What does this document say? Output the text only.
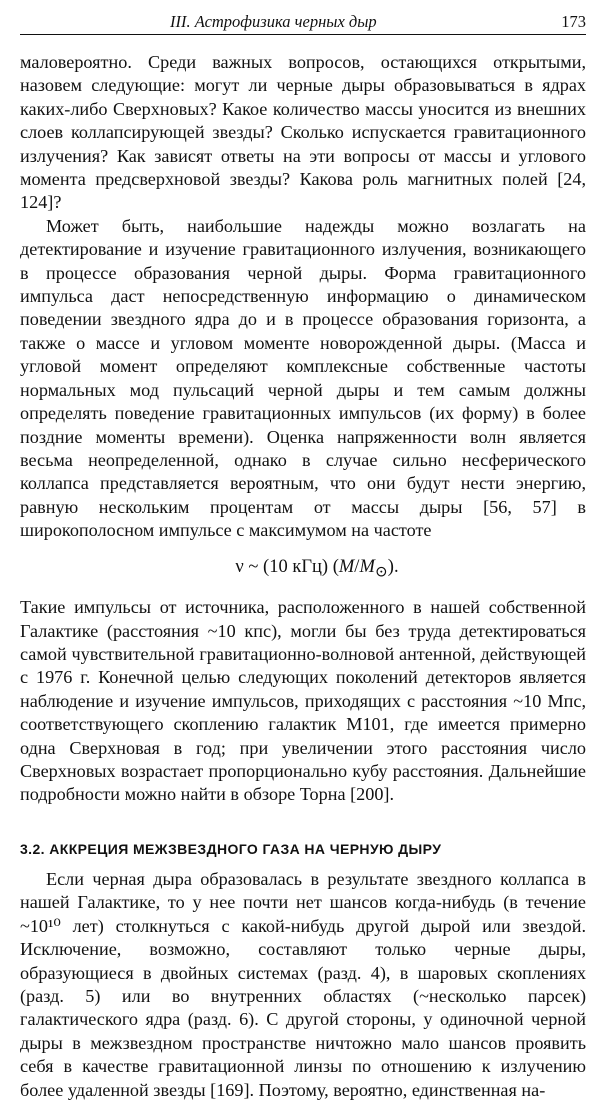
III. Астрофизика черных дыр	173

маловероятно. Среди важных вопросов, остающихся открытыми, назовем следующие: могут ли черные дыры образовываться в ядрах каких-либо Сверхновых? Какое количество массы уносится из внешних слоев коллапсирующей звезды? Сколько испускается гравитационного излучения? Как зависят ответы на эти вопросы от массы и углового момента предсверхновой звезды? Какова роль магнитных полей [24, 124]?

Может быть, наибольшие надежды можно возлагать на детектирование и изучение гравитационного излучения, возникающего в процессе образования черной дыры. Форма гравитационного импульса даст непосредственную информацию о динамическом поведении звездного ядра до и в процессе образования горизонта, а также о массе и угловом моменте новорожденной дыры. (Масса и угловой момент определяют комплексные собственные частоты нормальных мод пульсаций черной дыры и тем самым должны определять поведение гравитационных импульсов (их форму) в более поздние моменты времени). Оценка напряженности волн является весьма неопределенной, однако в случае сильно несферического коллапса представляется вероятным, что они будут нести энергию, равную нескольким процентам от массы дыры [56, 57] в широкополосном импульсе с максимумом на частоте

ν ~ (10 кГц) $(M/M_⊙)$.

Такие импульсы от источника, расположенного в нашей собственной Галактике (расстояния ~10 кпс), могли бы без труда детектироваться самой чувствительной гравитационно-волновой антенной, действующей с 1976 г. Конечной целью следующих поколений детекторов является наблюдение и изучение импульсов, приходящих с расстояния ~10 Мпс, соответствующего скоплению галактик M101, где имеется примерно одна Сверхновая в год; при увеличении этого расстояния число Сверхновых возрастает пропорционально кубу расстояния. Дальнейшие подробности можно найти в обзоре Торна [200].

3.2. АККРЕЦИЯ МЕЖЗВЕЗДНОГО ГАЗА НА ЧЕРНУЮ ДЫРУ

Если черная дыра образовалась в результате звездного коллапса в нашей Галактике, то у нее почти нет шансов когда-нибудь (в течение ~10¹⁰ лет) столкнуться с какой-нибудь другой дырой или звездой. Исключение, возможно, составляют только черные дыры, образующиеся в двойных системах (разд. 4), в шаровых скоплениях (разд. 5) или во внутренних областях (~несколько парсек) галактического ядра (разд. 6). С другой стороны, у одиночной черной дыры в межзвездном пространстве ничтожно мало шансов проявить себя в качестве гравитационной линзы по отношению к излучению более удаленной звезды [169]. Поэтому, вероятно, единственная на-
